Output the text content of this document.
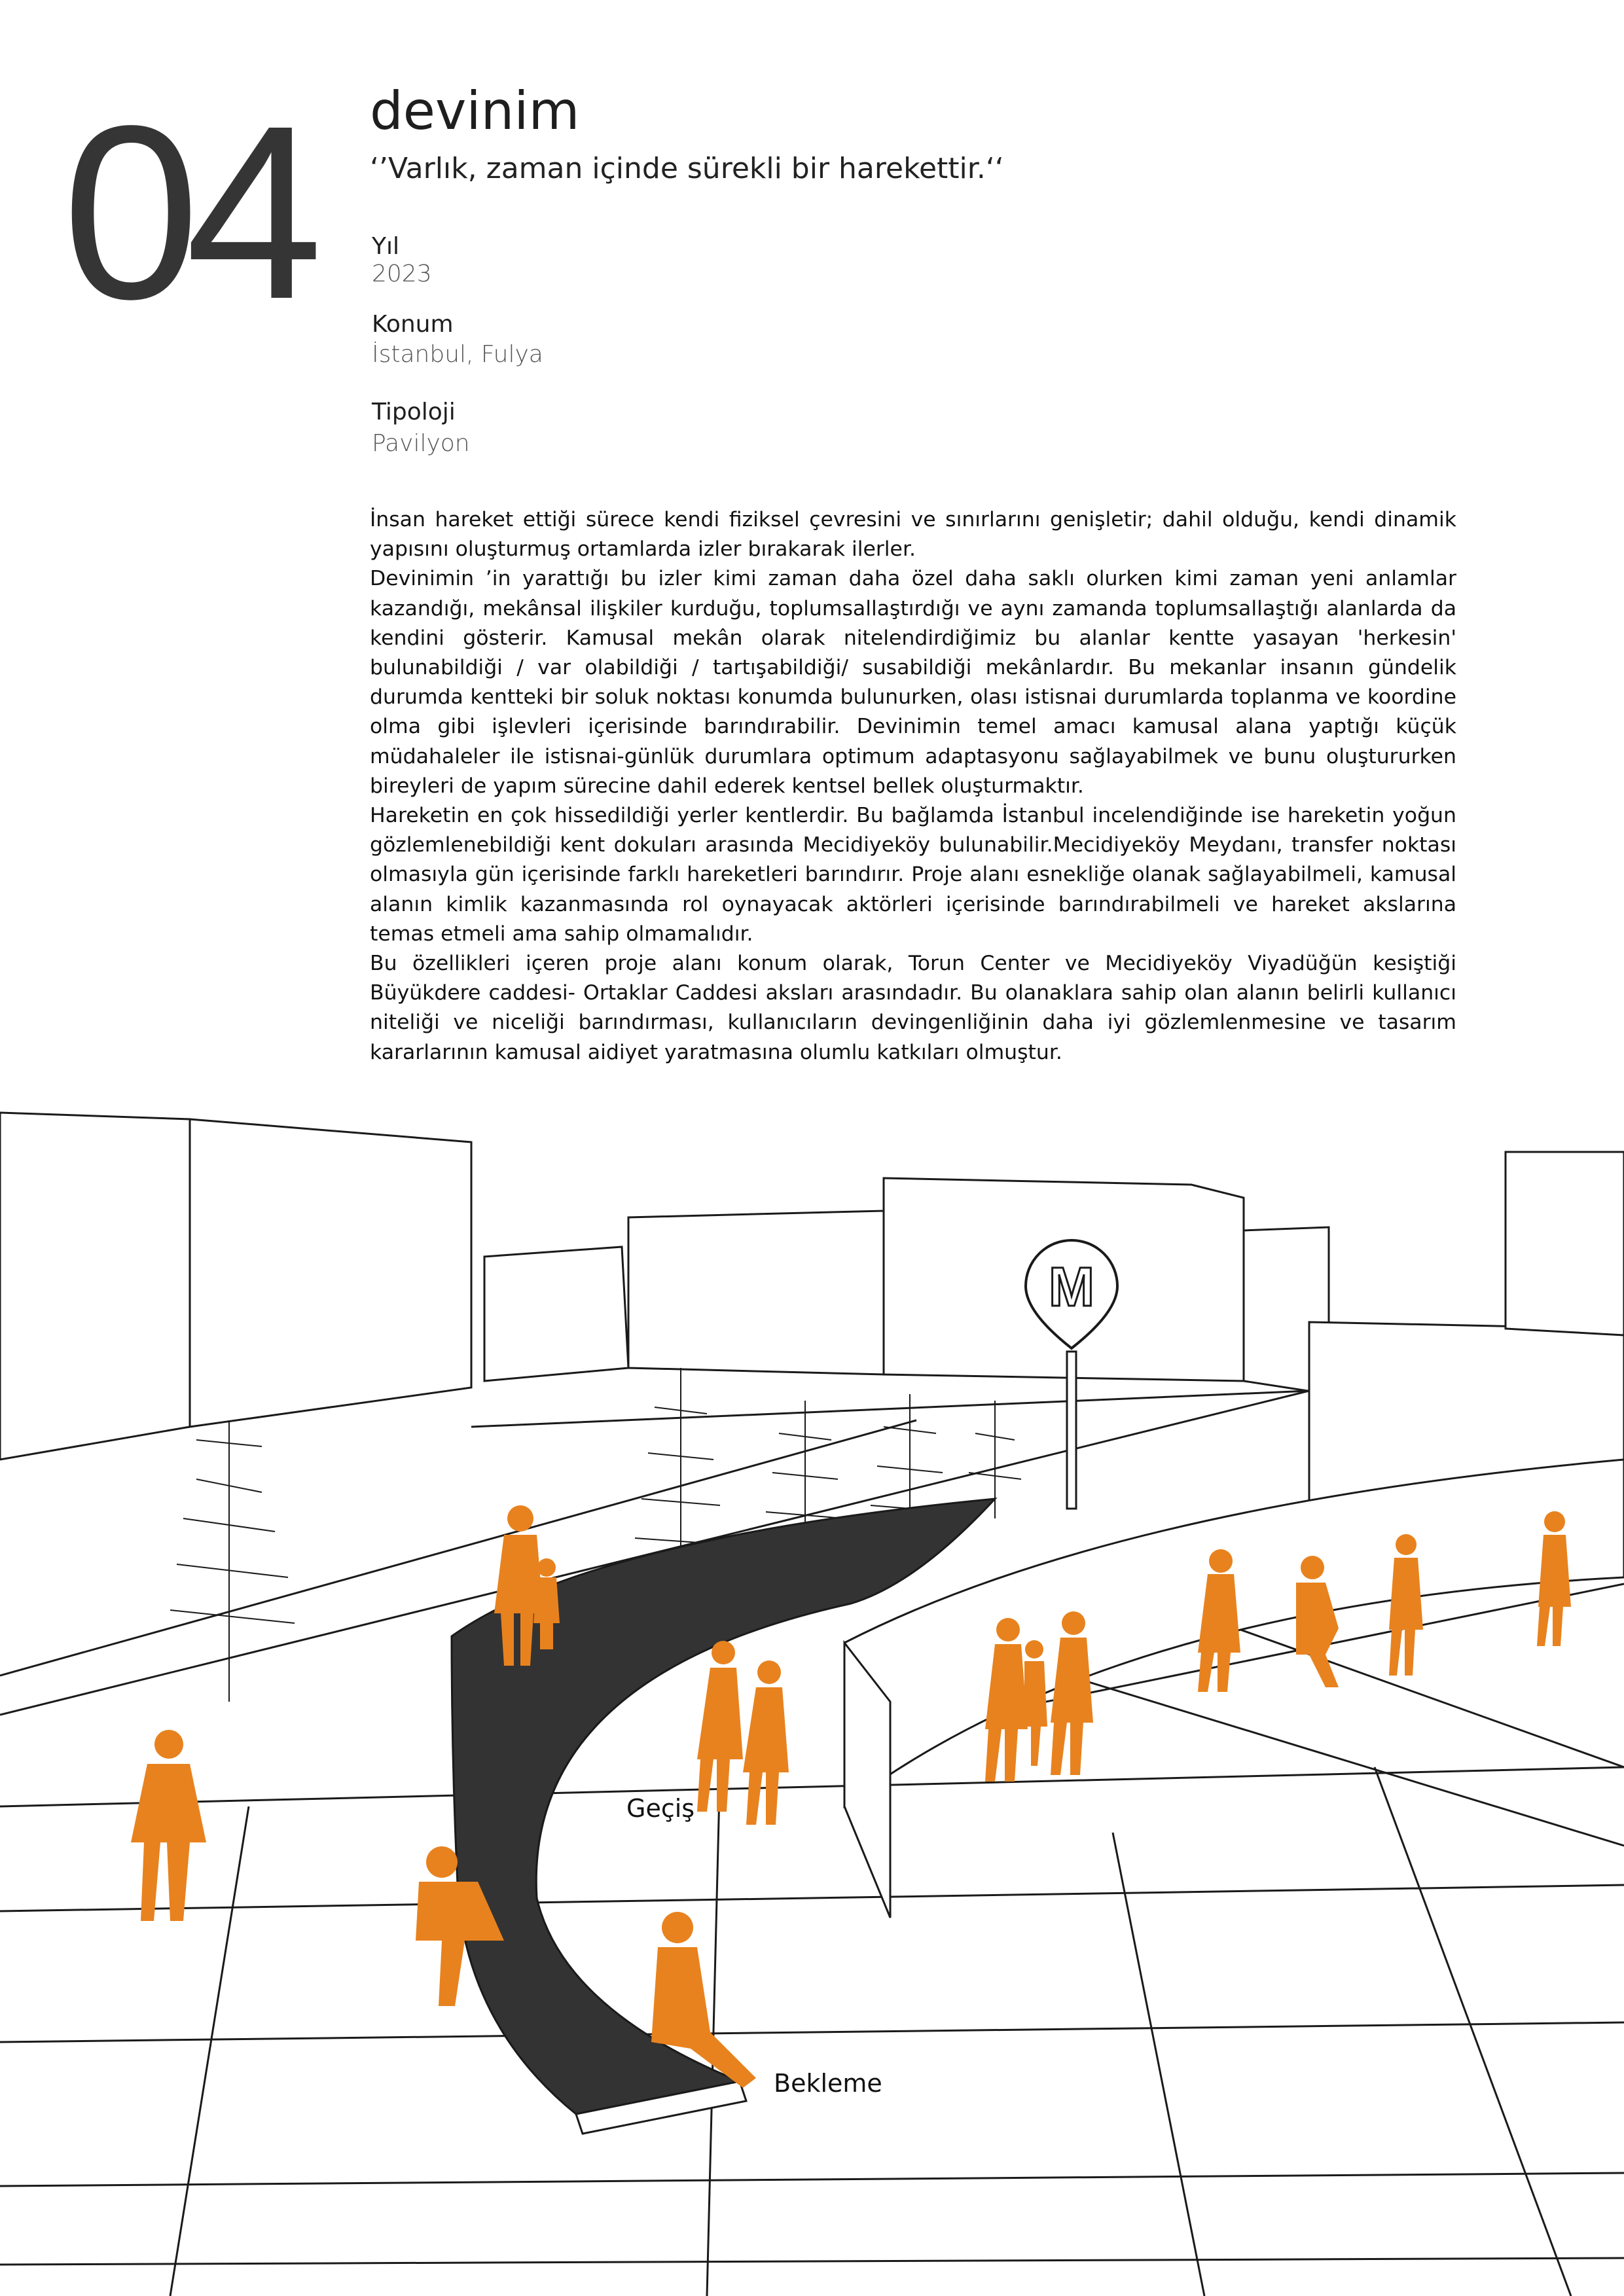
04	devinim
‘’Varlık, zaman içinde sürekli bir harekettir.‘‘
Yıl
2023
Konum
İstanbul, Fulya
Tipoloji
Pavilyon

İnsan hareket ettiği sürece kendi fiziksel çevresini ve sınırlarını genişletir; dahil olduğu, kendi dinamik yapısını oluşturmuş ortamlarda izler bırakarak ilerler.

Devinimin ’in yarattığı bu izler kimi zaman daha özel daha saklı olurken kimi zaman yeni anlamlar kazandığı, mekânsal ilişkiler kurduğu, toplumsallaştırdığı ve aynı zamanda toplumsallaştığı alanlarda da kendini gösterir. Kamusal mekân olarak nitelendirdiğimiz bu alanlar kentte yasayan 'herkesin' bulunabildiği / var olabildiği / tartışabildiği/ susabildiği mekânlardır. Bu mekanlar insanın gündelik durumda kentteki bir soluk noktası konumda bulunurken, olası istisnai durumlarda toplanma ve koordine olma gibi işlevleri içerisinde barındırabilir. Devinimin temel amacı kamusal alana yaptığı küçük müdahaleler ile istisnai-günlük durumlara optimum adaptasyonu sağlayabilmek ve bunu oluştururken bireyleri de yapım sürecine dahil ederek kentsel bellek oluşturmaktır.

Hareketin en çok hissedildiği yerler kentlerdir. Bu bağlamda İstanbul incelendiğinde ise hareketin yoğun gözlemlenebildiği kent dokuları arasında Mecidiyeköy bulunabilir.Mecidiyeköy Meydanı, transfer noktası olmasıyla gün içerisinde farklı hareketleri barındırır. Proje alanı esnekliğe olanak sağlayabilmeli, kamusal alanın kimlik kazanmasında rol oynayacak aktörleri içerisinde barındırabilmeli ve hareket akslarına temas etmeli ama sahip olmamalıdır.

Bu özellikleri içeren proje alanı konum olarak, Torun Center ve Mecidiyeköy Viyadüğün kesiştiği Büyükdere caddesi- Ortaklar Caddesi aksları arasındadır. Bu olanaklara sahip olan alanın belirli kullanıcı niteliği ve niceliği barındırması, kullanıcıların devingenliğinin daha iyi gözlemlenmesine ve tasarım kararlarının kamusal aidiyet yaratmasına olumlu katkıları olmuştur.

M
Geçiş
Bekleme
